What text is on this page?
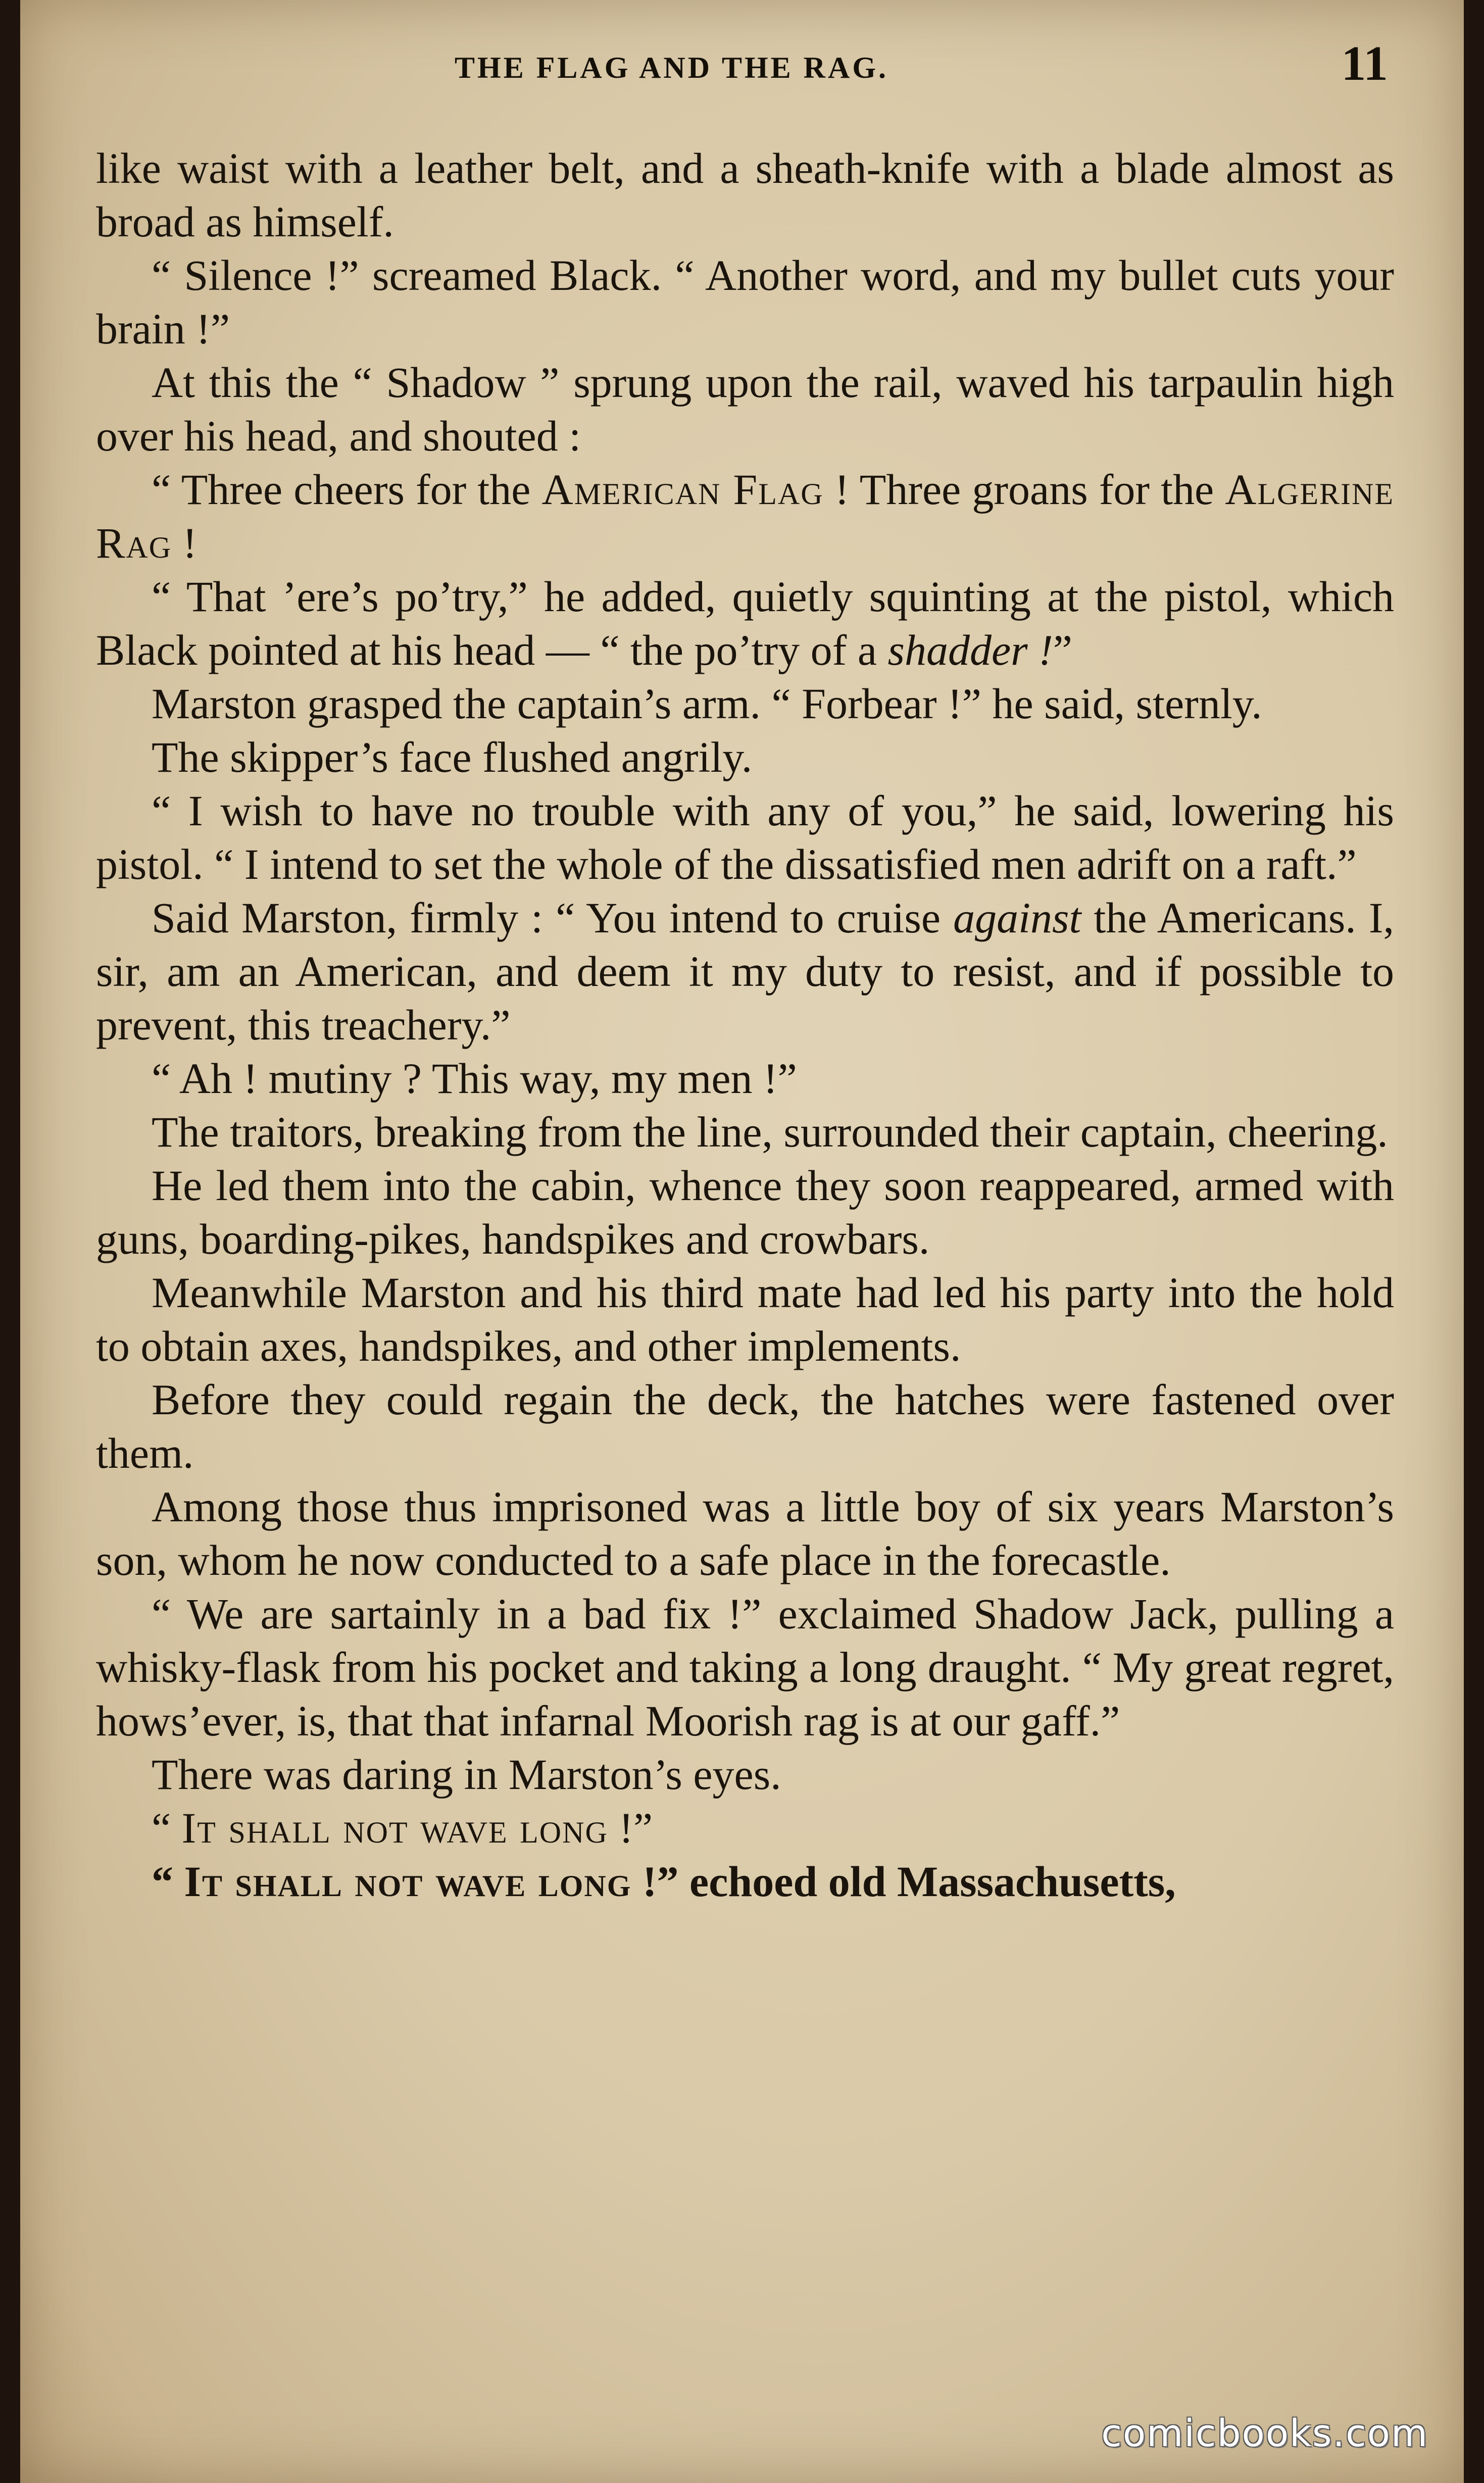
THE FLAG AND THE RAG.	11

like waist with a leather belt, and a sheath-knife with a blade almost as broad as himself.

“ Silence !” screamed Black. “ Another word, and my bullet cuts your brain !”

At this the “ Shadow ” sprung upon the rail, waved his tarpaulin high over his head, and shouted :

“ Three cheers for the American Flag ! Three groans for the Algerine Rag !

“ That ’ere’s po’try,” he added, quietly squinting at the pistol, which Black pointed at his head — “ the po’try of a shadder !”

Marston grasped the captain’s arm. “ Forbear !” he said, sternly.

The skipper’s face flushed angrily.

“ I wish to have no trouble with any of you,” he said, lowering his pistol. “ I intend to set the whole of the dissatisfied men adrift on a raft.”

Said Marston, firmly : “ You intend to cruise against the Americans. I, sir, am an American, and deem it my duty to resist, and if possible to prevent, this treachery.”

“ Ah ! mutiny ? This way, my men !”

The traitors, breaking from the line, surrounded their captain, cheering.

He led them into the cabin, whence they soon reappeared, armed with guns, boarding-pikes, handspikes and crowbars.

Meanwhile Marston and his third mate had led his party into the hold to obtain axes, handspikes, and other implements.

Before they could regain the deck, the hatches were fastened over them.

Among those thus imprisoned was a little boy of six years Marston’s son, whom he now conducted to a safe place in the forecastle.

“ We are sartainly in a bad fix !” exclaimed Shadow Jack, pulling a whisky-flask from his pocket and taking a long draught. “ My great regret, hows’ever, is, that that infarnal Moorish rag is at our gaff.”

There was daring in Marston’s eyes.

“ It shall not wave long !”

“ It shall not wave long !” echoed old Massachusetts,

comicbooks.com
